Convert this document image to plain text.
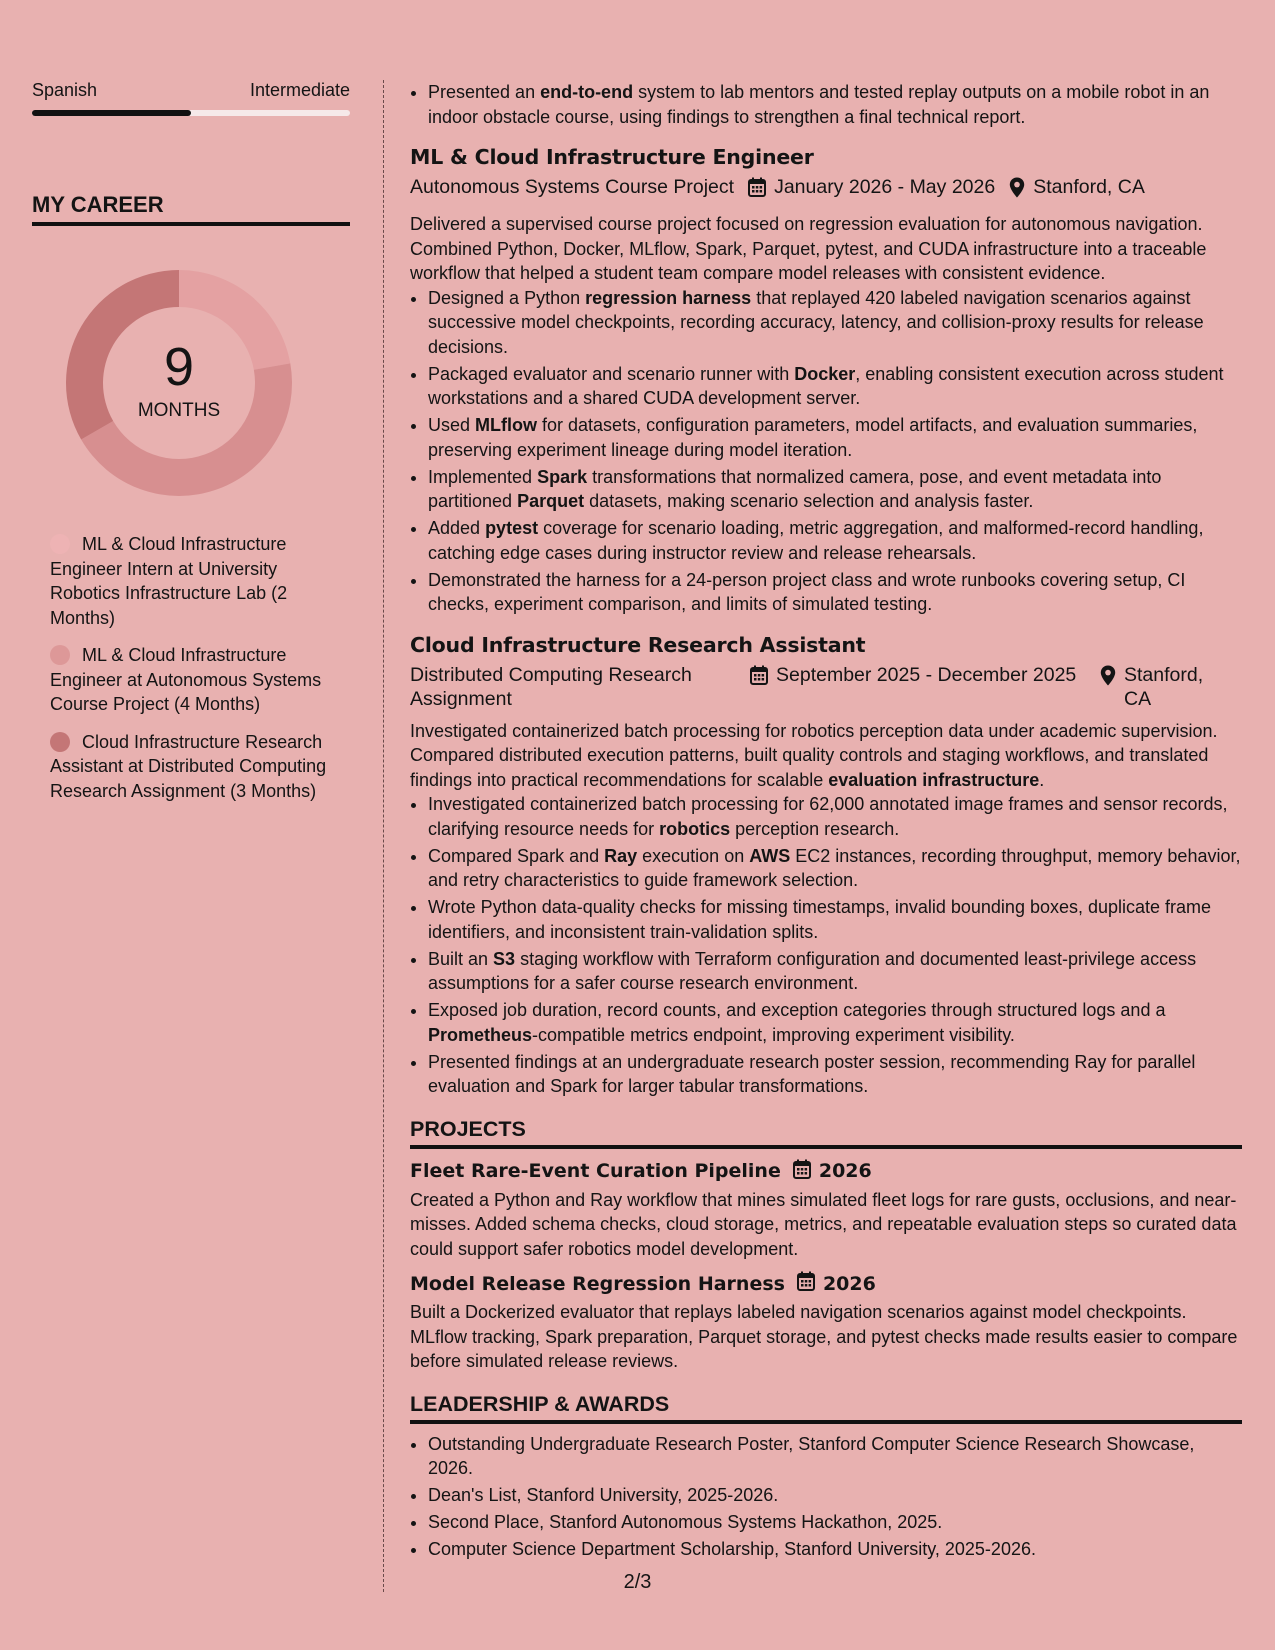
Spanish	Intermediate
MY CAREER
9
MONTHS
ML & Cloud Infrastructure Engineer Intern at University Robotics Infrastructure Lab (2 Months)
ML & Cloud Infrastructure Engineer at Autonomous Systems Course Project (4 Months)
Cloud Infrastructure Research Assistant at Distributed Computing Research Assignment (3 Months)
• Presented an end-to-end system to lab mentors and tested replay outputs on a mobile robot in an indoor obstacle course, using findings to strengthen a final technical report.
ML & Cloud Infrastructure Engineer
Autonomous Systems Course Project January 2026 - May 2026 Stanford, CA
Delivered a supervised course project focused on regression evaluation for autonomous navigation. Combined Python, Docker, MLflow, Spark, Parquet, pytest, and CUDA infrastructure into a traceable workflow that helped a student team compare model releases with consistent evidence.
• Designed a Python regression harness that replayed 420 labeled navigation scenarios against successive model checkpoints, recording accuracy, latency, and collision-proxy results for release decisions.
• Packaged evaluator and scenario runner with Docker, enabling consistent execution across student workstations and a shared CUDA development server.
• Used MLflow for datasets, configuration parameters, model artifacts, and evaluation summaries, preserving experiment lineage during model iteration.
• Implemented Spark transformations that normalized camera, pose, and event metadata into partitioned Parquet datasets, making scenario selection and analysis faster.
• Added pytest coverage for scenario loading, metric aggregation, and malformed-record handling, catching edge cases during instructor review and release rehearsals.
• Demonstrated the harness for a 24-person project class and wrote runbooks covering setup, CI checks, experiment comparison, and limits of simulated testing.
Cloud Infrastructure Research Assistant
Distributed Computing Research Assignment
September 2025 - December 2025 Stanford, CA
Investigated containerized batch processing for robotics perception data under academic supervision. Compared distributed execution patterns, built quality controls and staging workflows, and translated findings into practical recommendations for scalable evaluation infrastructure.
• Investigated containerized batch processing for 62,000 annotated image frames and sensor records, clarifying resource needs for robotics perception research.
• Compared Spark and Ray execution on AWS EC2 instances, recording throughput, memory behavior, and retry characteristics to guide framework selection.
• Wrote Python data-quality checks for missing timestamps, invalid bounding boxes, duplicate frame identifiers, and inconsistent train-validation splits.
• Built an S3 staging workflow with Terraform configuration and documented least-privilege access assumptions for a safer course research environment.
• Exposed job duration, record counts, and exception categories through structured logs and a Prometheus-compatible metrics endpoint, improving experiment visibility.
• Presented findings at an undergraduate research poster session, recommending Ray for parallel evaluation and Spark for larger tabular transformations.
PROJECTS
Fleet Rare-Event Curation Pipeline 2026
Created a Python and Ray workflow that mines simulated fleet logs for rare gusts, occlusions, and near-misses. Added schema checks, cloud storage, metrics, and repeatable evaluation steps so curated data could support safer robotics model development.
Model Release Regression Harness 2026
Built a Dockerized evaluator that replays labeled navigation scenarios against model checkpoints. MLflow tracking, Spark preparation, Parquet storage, and pytest checks made results easier to compare before simulated release reviews.
LEADERSHIP & AWARDS
• Outstanding Undergraduate Research Poster, Stanford Computer Science Research Showcase, 2026.
• Dean's List, Stanford University, 2025-2026.
• Second Place, Stanford Autonomous Systems Hackathon, 2025.
• Computer Science Department Scholarship, Stanford University, 2025-2026.
2/3
